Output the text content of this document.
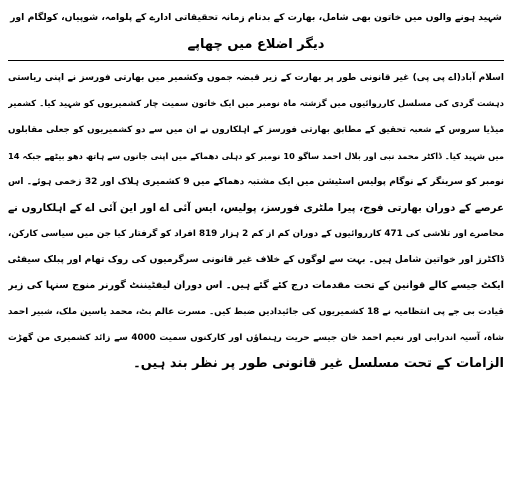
شہید ہونے والوں میں خاتون بھی شامل، بھارت کے بدنام زمانہ تحقیقاتی ادارے کے پلوامہ، شوپیاں، کولگام اور

دیگر اضلاع میں چھاپے

اسلام آباد(اے پی پی) غیر قانونی طور پر بھارت کے زیر قبضہ جموں وکشمیر میں بھارتی فورسز نے اپنی ریاستی
دہشت گردی کی مسلسل کارروائیوں میں گزشتہ ماہ نومبر میں ایک خاتون سمیت چار کشمیریوں کو شہید کیا۔ کشمیر
میڈیا سروس کے شعبہ تحقیق کے مطابق بھارتی فورسز کے اہلکاروں نے ان میں سے دو کشمیریوں کو جعلی مقابلوں
میں شہید کیا۔ ڈاکٹر محمد نبی اور بلال احمد ساگو 10 نومبر کو دہلی دھماکے میں اپنی جانوں سے ہاتھ دھو بیٹھے جبکہ 14
نومبر کو سرینگر کے نوگام پولیس اسٹیشن میں ایک مشتبہ دھماکے میں 9 کشمیری ہلاک اور 32 زخمی ہوئے۔ اس
عرصے کے دوران بھارتی فوج، پیرا ملٹری فورسز، پولیس، ایس آئی اے اور این آئی اے کے اہلکاروں نے
محاصرے اور تلاشی کی 471 کارروائیوں کے دوران کم از کم 2 ہزار 819 افراد کو گرفتار کیا جن میں سیاسی کارکن،
ڈاکٹرز اور خواتین شامل ہیں۔ بہت سے لوگوں کے خلاف غیر قانونی سرگرمیوں کی روک تھام اور پبلک سیفٹی
ایکٹ جیسے کالے قوانین کے تحت مقدمات درج کئے گئے ہیں۔ اس دوران لیفٹیننٹ گورنر منوج سنہا کی زیر
قیادت بی جے پی انتظامیہ نے 18 کشمیریوں کی جائیدادیں ضبط کیں۔ مسرت عالم بٹ، محمد یاسین ملک، شبیر احمد
شاہ، آسیہ اندرابی اور نعیم احمد خان جیسے حریت رہنماؤں اور کارکنوں سمیت 4000 سے زائد کشمیری من گھڑت
الزامات کے تحت مسلسل غیر قانونی طور پر نظر بند ہیں۔
